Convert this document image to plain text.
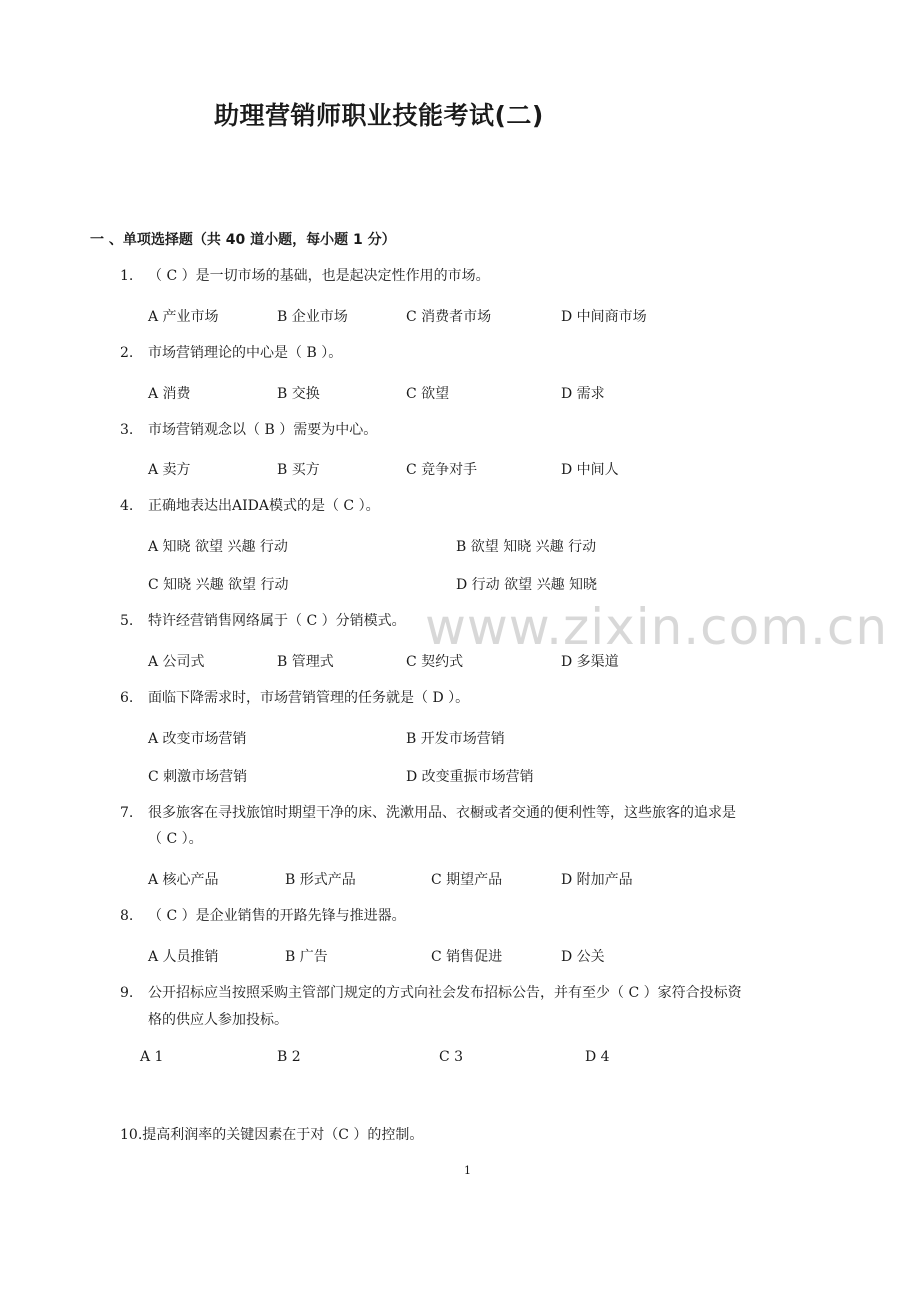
www.zixin.com.cn
助理营销师职业技能考试(二)
一 、单项选择题（共 40 道小题，每小题 1 分）
1. （ C ）是一切市场的基础，也是起决定性作用的市场。
A 产业市场	B 企业市场	C 消费者市场	D 中间商市场
2. 市场营销理论的中心是（ B ）。
A 消费	B 交换	C 欲望	D 需求
3. 市场营销观念以（ B ）需要为中心。
A 卖方	B 买方	C 竞争对手	D 中间人
4. 正确地表达出AIDA模式的是（ C ）。
A 知晓 欲望 兴趣 行动	B 欲望 知晓 兴趣 行动
C 知晓 兴趣 欲望 行动	D 行动 欲望 兴趣 知晓
5. 特许经营销售网络属于（ C ）分销模式。
A 公司式	B 管理式	C 契约式	D 多渠道
6. 面临下降需求时，市场营销管理的任务就是（ D ）。
A 改变市场营销	B 开发市场营销
C 刺激市场营销	D 改变重振市场营销
7. 很多旅客在寻找旅馆时期望干净的床、洗漱用品、衣橱或者交通的便利性等，这些旅客的追求是
（ C ）。
A 核心产品	B 形式产品	C 期望产品	D 附加产品
8. （ C ）是企业销售的开路先锋与推进器。
A 人员推销	B 广告	C 销售促进	D 公关
9. 公开招标应当按照采购主管部门规定的方式向社会发布招标公告，并有至少（ C ）家符合投标资
格的供应人参加投标。
A 1	B 2	C 3	D 4
10.提高利润率的关键因素在于对（C ）的控制。
1
